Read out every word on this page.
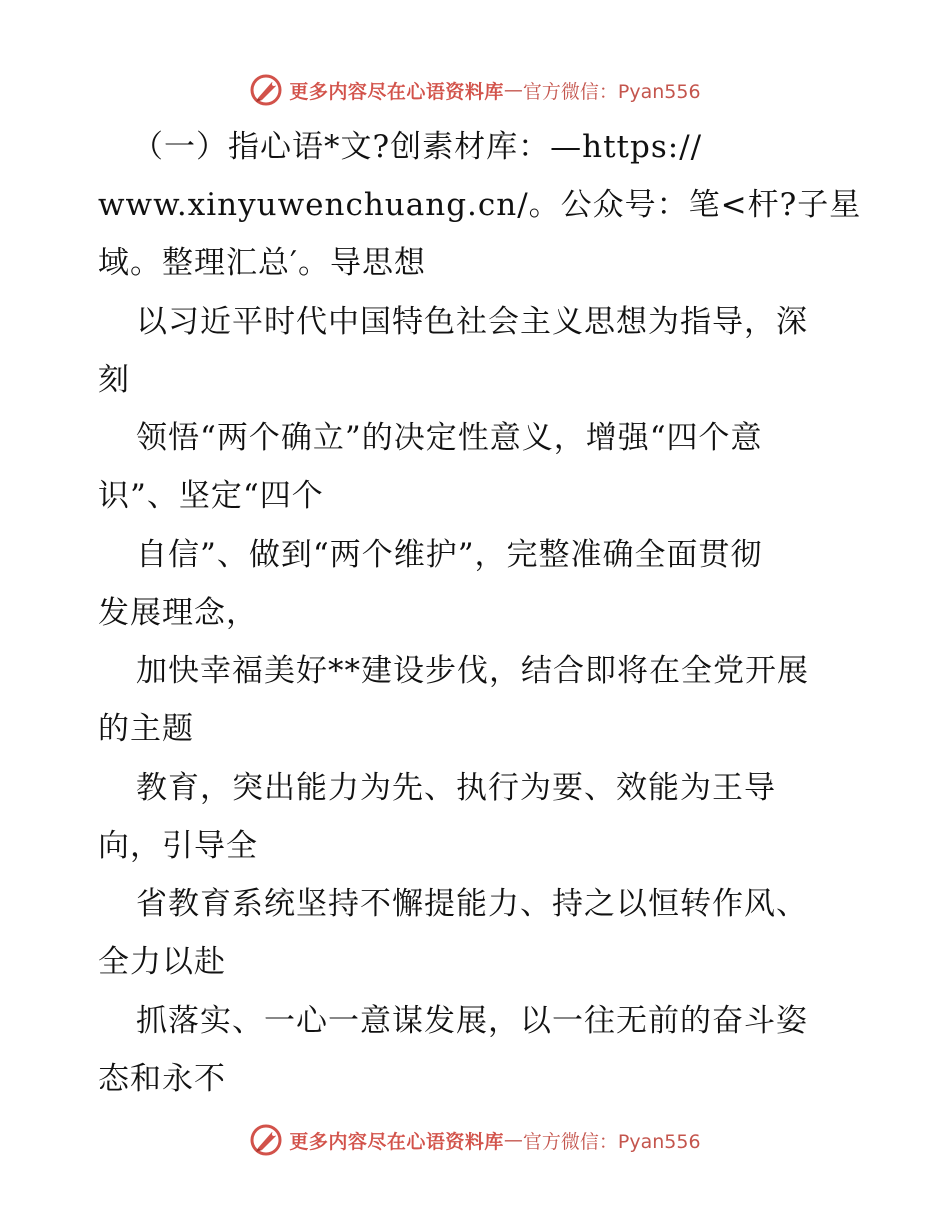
更多内容尽在心语资料库 — 官方微信：Pyan556
（一）指心语*文?创素材库：—https://
www.xinyuwenchuang.cn/。公众号：笔<杆?子星
域。整理汇总′。导思想
以习近平时代中国特色社会主义思想为指导，深
刻
领悟“两个确立”的决定性意义，增强“四个意
识”、坚定“四个
自信”、做到“两个维护”，完整准确全面贯彻
发展理念，
加快幸福美好**建设步伐，结合即将在全党开展
的主题
教育，突出能力为先、执行为要、效能为王导
向，引导全
省教育系统坚持不懈提能力、持之以恒转作风、
全力以赴
抓落实、一心一意谋发展，以一往无前的奋斗姿
态和永不
更多内容尽在心语资料库 — 官方微信：Pyan556
